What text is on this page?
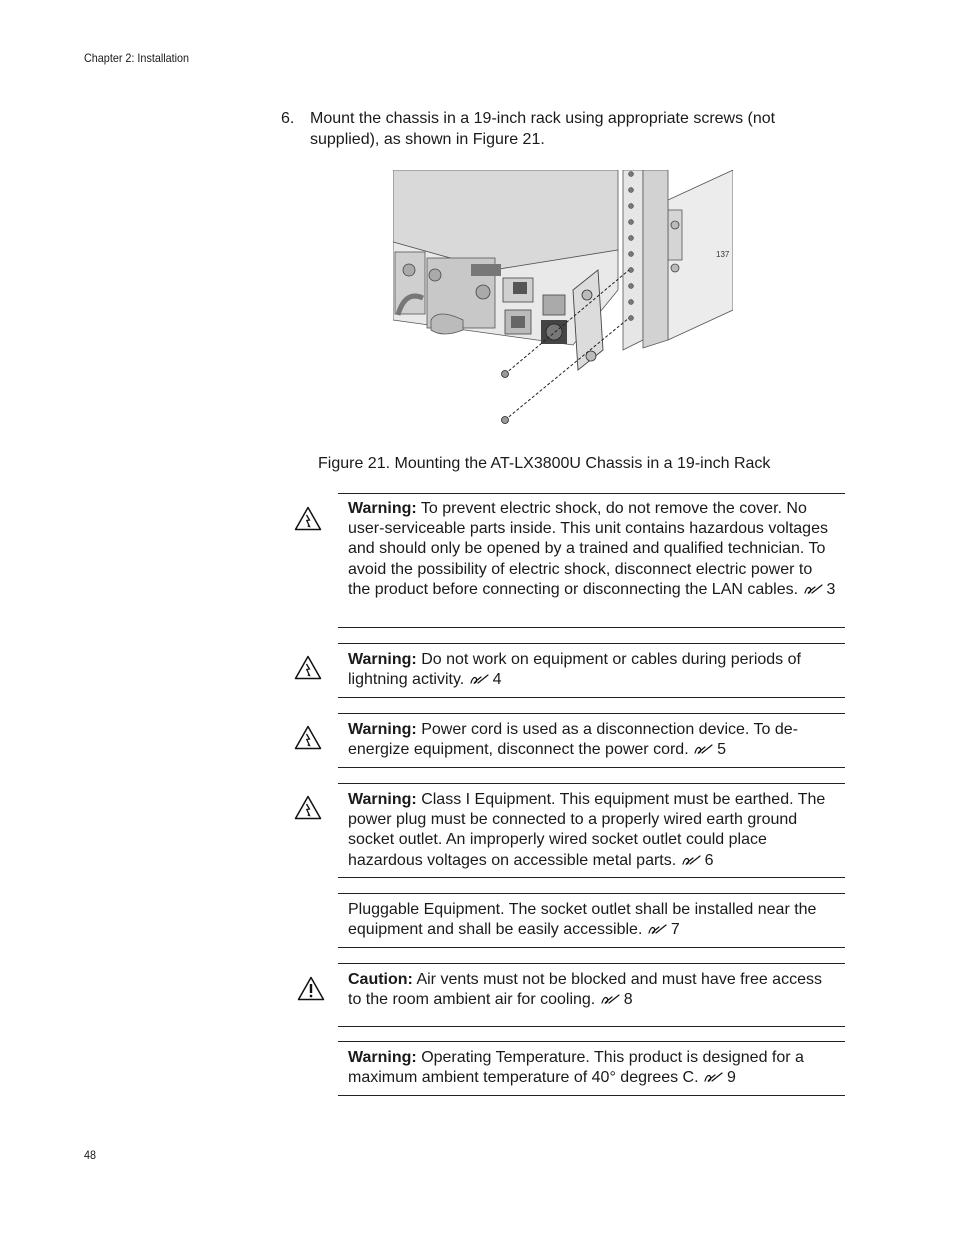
Chapter 2: Installation
6. Mount the chassis in a 19-inch rack using appropriate screws (not supplied), as shown in Figure 21.
137
Figure 21. Mounting the AT-LX3800U Chassis in a 19-inch Rack
Warning: To prevent electric shock, do not remove the cover. No user-serviceable parts inside. This unit contains hazardous voltages and should only be opened by a trained and qualified technician. To avoid the possibility of electric shock, disconnect electric power to the product before connecting or disconnecting the LAN cables. 3
Warning: Do not work on equipment or cables during periods of lightning activity. 4
Warning: Power cord is used as a disconnection device. To de-energize equipment, disconnect the power cord. 5
Warning: Class I Equipment. This equipment must be earthed. The power plug must be connected to a properly wired earth ground socket outlet. An improperly wired socket outlet could place hazardous voltages on accessible metal parts. 6
Pluggable Equipment. The socket outlet shall be installed near the equipment and shall be easily accessible. 7
Caution: Air vents must not be blocked and must have free access to the room ambient air for cooling. 8
Warning: Operating Temperature. This product is designed for a maximum ambient temperature of 40° degrees C. 9
48
